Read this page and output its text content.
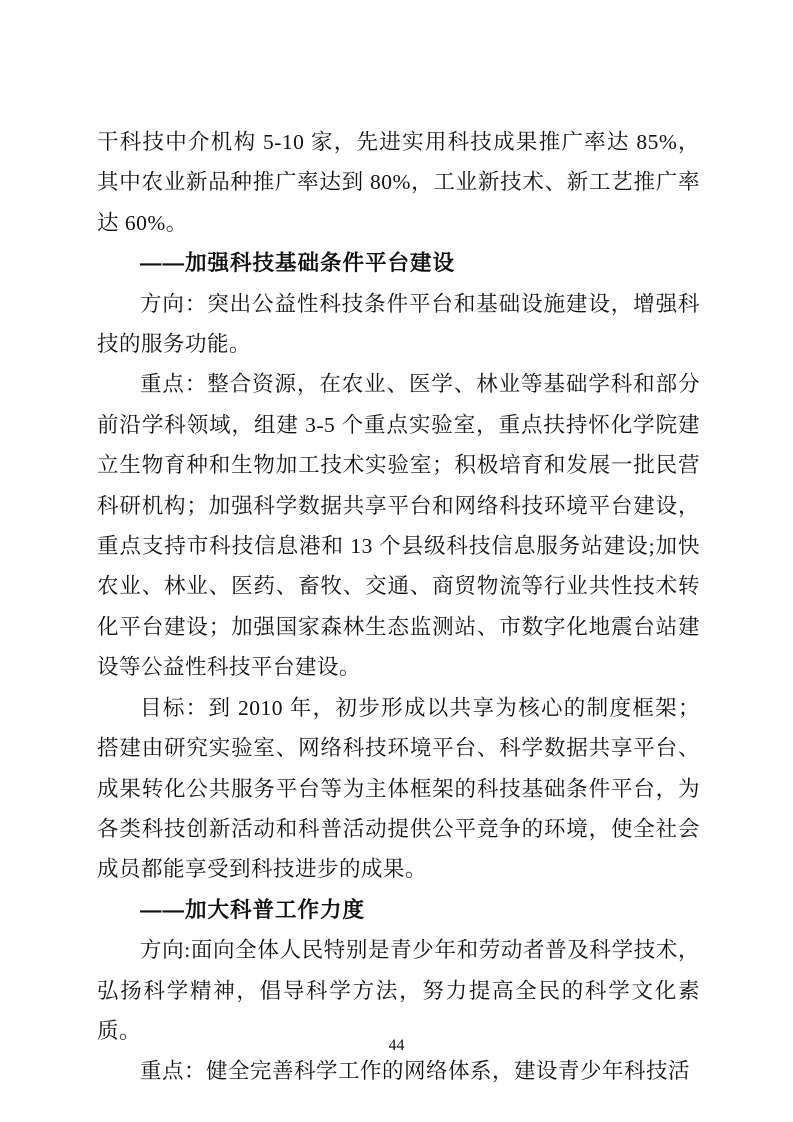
干科技中介机构 5-10 家，先进实用科技成果推广率达 85%，其中农业新品种推广率达到 80%，工业新技术、新工艺推广率达 60%。

——加强科技基础条件平台建设

方向：突出公益性科技条件平台和基础设施建设，增强科技的服务功能。

重点：整合资源，在农业、医学、林业等基础学科和部分前沿学科领域，组建 3-5 个重点实验室，重点扶持怀化学院建立生物育种和生物加工技术实验室；积极培育和发展一批民营科研机构；加强科学数据共享平台和网络科技环境平台建设，重点支持市科技信息港和 13 个县级科技信息服务站建设;加快农业、林业、医药、畜牧、交通、商贸物流等行业共性技术转化平台建设；加强国家森林生态监测站、市数字化地震台站建设等公益性科技平台建设。

目标：到 2010 年，初步形成以共享为核心的制度框架；搭建由研究实验室、网络科技环境平台、科学数据共享平台、成果转化公共服务平台等为主体框架的科技基础条件平台，为各类科技创新活动和科普活动提供公平竞争的环境，使全社会成员都能享受到科技进步的成果。

——加大科普工作力度

方向:面向全体人民特别是青少年和劳动者普及科学技术，弘扬科学精神，倡导科学方法，努力提高全民的科学文化素质。

重点：健全完善科学工作的网络体系，建设青少年科技活

44
